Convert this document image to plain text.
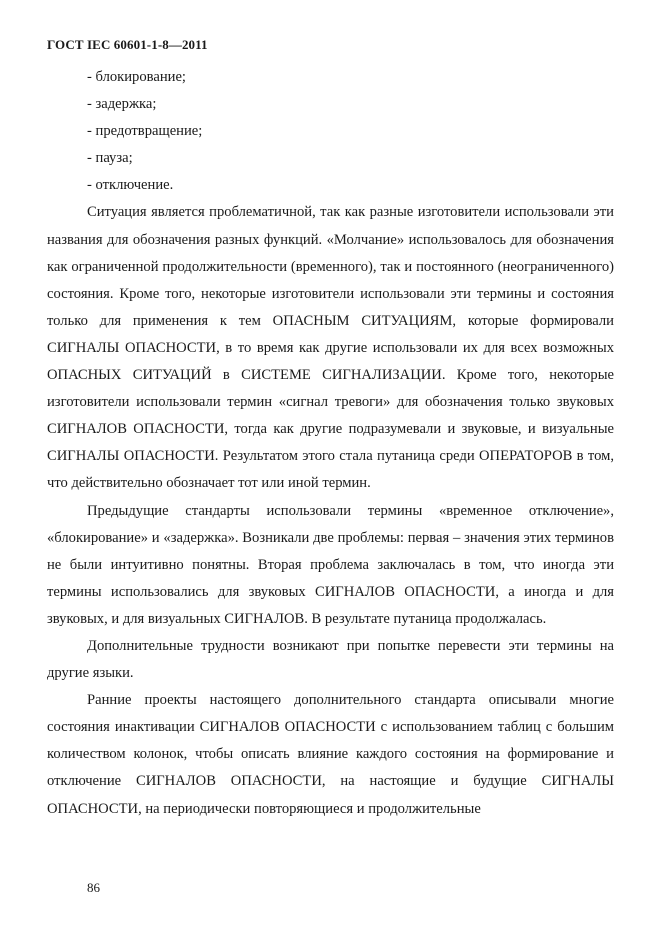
ГОСТ IEC 60601-1-8—2011

- блокирование;

- задержка;

- предотвращение;

- пауза;

- отключение.

Ситуация является проблематичной, так как разные изготовители использовали эти названия для обозначения разных функций. «Молчание» использовалось для обозначения как ограниченной продолжительности (временного), так и постоянного (неограниченного) состояния. Кроме того, некоторые изготовители использовали эти термины и состояния только для применения к тем ОПАСНЫМ СИТУАЦИЯМ, которые формировали СИГНАЛЫ ОПАСНОСТИ, в то время как другие использовали их для всех возможных ОПАСНЫХ СИТУАЦИЙ в СИСТЕМЕ СИГНАЛИЗАЦИИ. Кроме того, некоторые изготовители использовали термин «сигнал тревоги» для обозначения только звуковых СИГНАЛОВ ОПАСНОСТИ, тогда как другие подразумевали и звуковые, и визуальные СИГНАЛЫ ОПАСНОСТИ. Результатом этого стала путаница среди ОПЕРАТОРОВ в том, что действительно обозначает тот или иной термин.

Предыдущие стандарты использовали термины «временное отключение», «блокирование» и «задержка». Возникали две проблемы: первая – значения этих терминов не были интуитивно понятны. Вторая проблема заключалась в том, что иногда эти термины использовались для звуковых СИГНАЛОВ ОПАСНОСТИ, а иногда и для звуковых, и для визуальных СИГНАЛОВ. В результате путаница продолжалась.

Дополнительные трудности возникают при попытке перевести эти термины на другие языки.

Ранние проекты настоящего дополнительного стандарта описывали многие состояния инактивации СИГНАЛОВ ОПАСНОСТИ с использованием таблиц с большим количеством колонок, чтобы описать влияние каждого состояния на формирование и отключение СИГНАЛОВ ОПАСНОСТИ, на настоящие и будущие СИГНАЛЫ ОПАСНОСТИ, на периодически повторяющиеся и продолжительные

86
